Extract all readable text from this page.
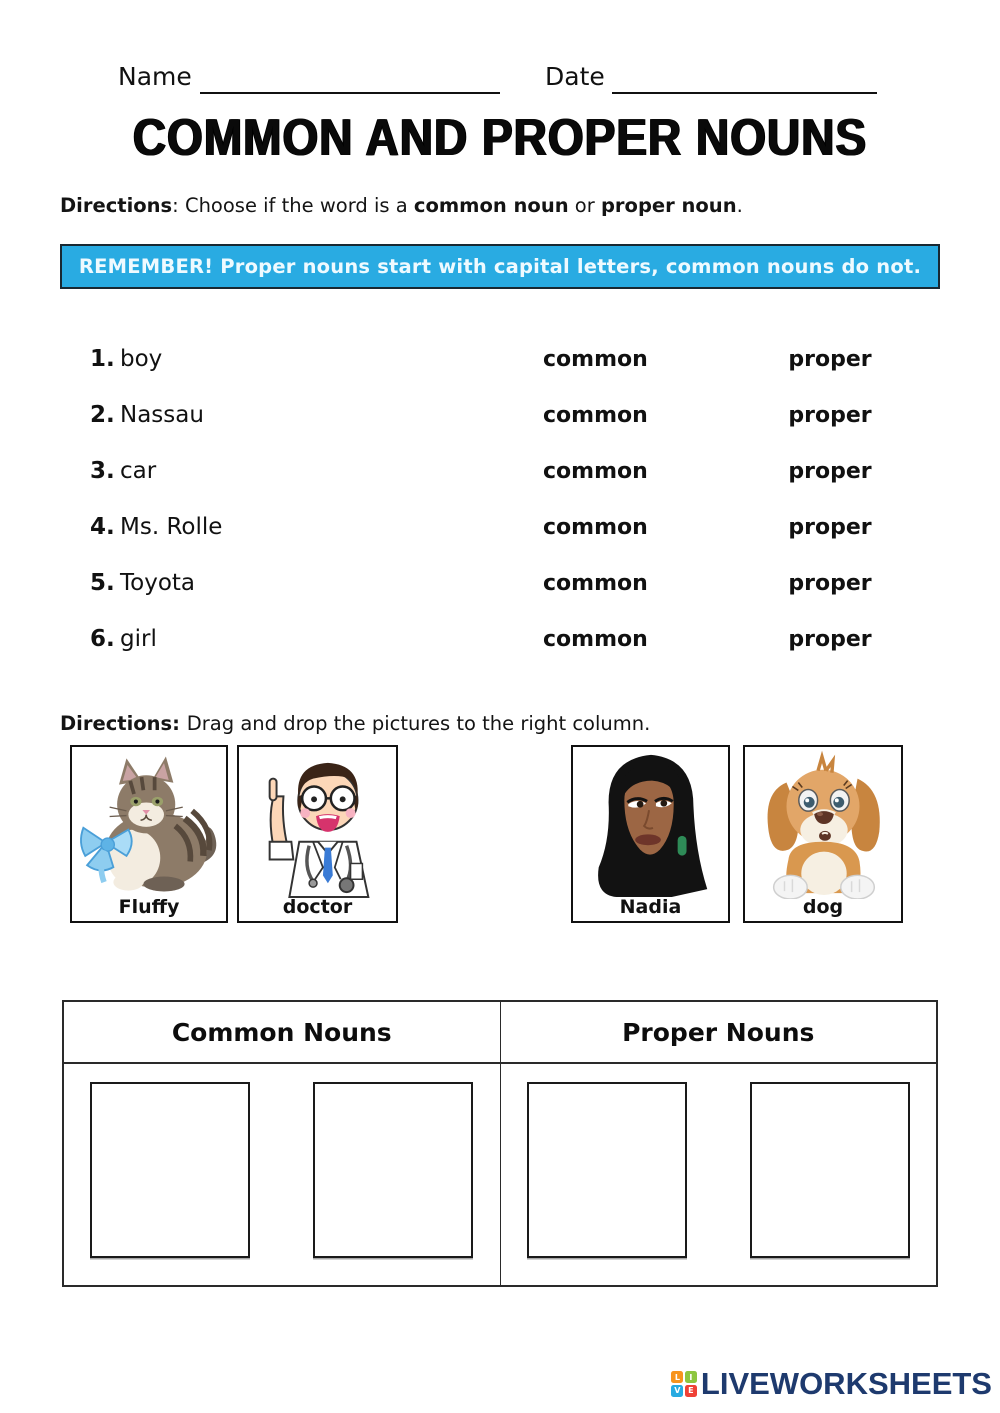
Name	Date
COMMON AND PROPER NOUNS
Directions: Choose if the word is a common noun or proper noun.
REMEMBER! Proper nouns start with capital letters, common nouns do not.
1. boy	common	proper
2. Nassau	common	proper
3. car	common	proper
4. Ms. Rolle	common	proper
5. Toyota	common	proper
6. girl	common	proper
Directions: Drag and drop the pictures to the right column.
Fluffy	doctor	Nadia	dog
Common Nouns	Proper Nouns
L	I
V E LIVEWORKSHEETS
